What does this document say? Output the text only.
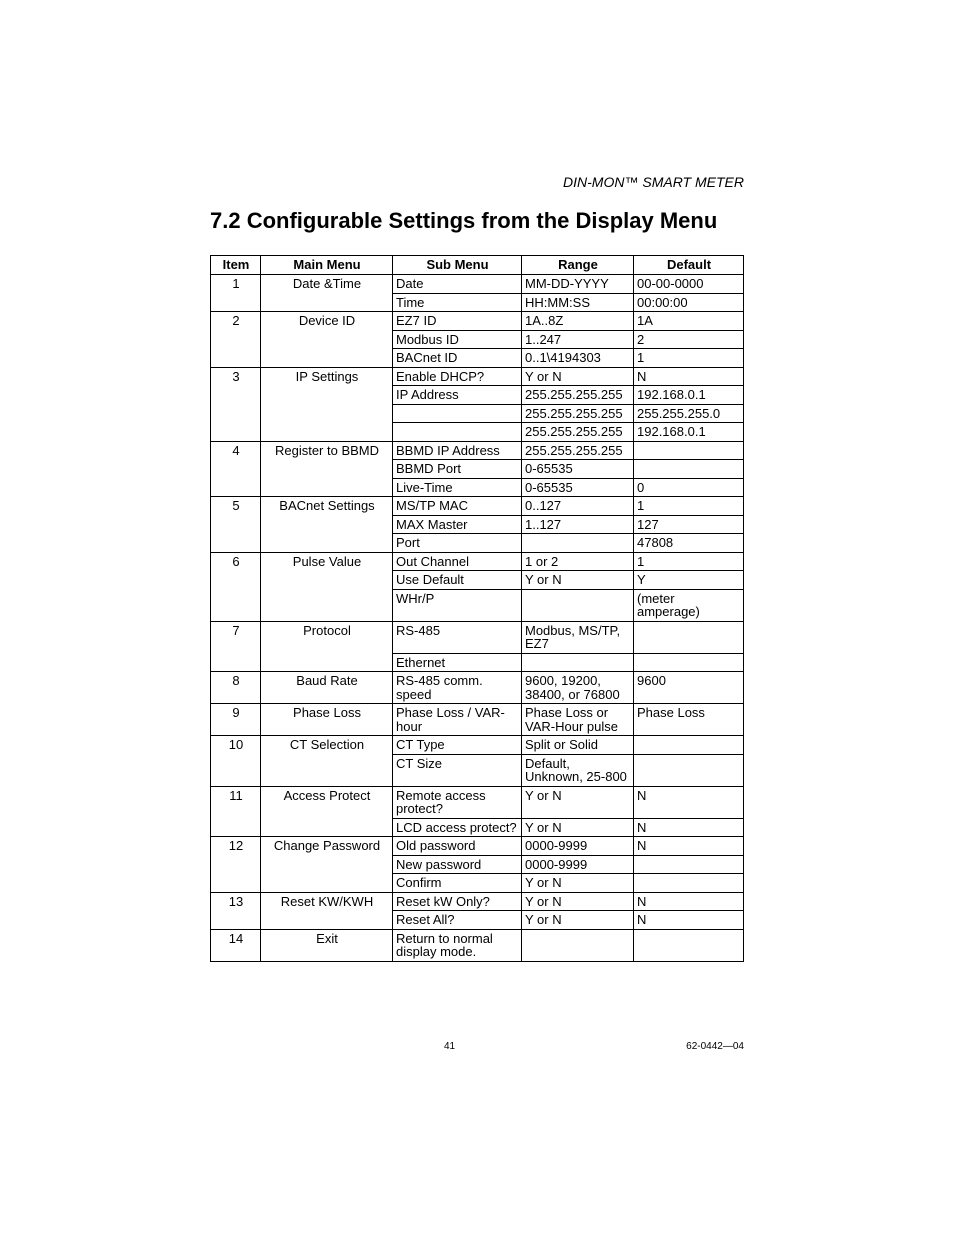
DIN-MON™ SMART METER
7.2 Configurable Settings from the Display Menu
Item	Main Menu	Sub Menu	Range	Default
1	Date &Time	Date	MM-DD-YYYY	00-00-0000
		Time	HH:MM:SS	00:00:00
2	Device ID	EZ7 ID	1A..8Z	1A
		Modbus ID	1..247	2
		BACnet ID	0..1\4194303	1
3	IP Settings	Enable DHCP?	Y or N	N
		IP Address	255.255.255.255	192.168.0.1
			255.255.255.255	255.255.255.0
			255.255.255.255	192.168.0.1
4	Register to BBMD	BBMD IP Address	255.255.255.255	
		BBMD Port	0-65535	
		Live-Time	0-65535	0
5	BACnet Settings	MS/TP MAC	0..127	1
		MAX Master	1..127	127
		Port		47808
6	Pulse Value	Out Channel	1 or 2	1
		Use Default	Y or N	Y
		WHr/P		(meter amperage)
7	Protocol	RS-485	Modbus, MS/TP, EZ7	
		Ethernet		
8	Baud Rate	RS-485 comm. speed	9600, 19200, 38400, or 76800	9600
9	Phase Loss	Phase Loss / VAR-hour	Phase Loss or VAR-Hour pulse	Phase Loss
10	CT Selection	CT Type	Split or Solid	
		CT Size	Default, Unknown, 25-800	
11	Access Protect	Remote access protect?	Y or N	N
		LCD access protect?	Y or N	N
12	Change Password	Old password	0000-9999	N
		New password	0000-9999	
		Confirm	Y or N	
13	Reset KW/KWH	Reset kW Only?	Y or N	N
		Reset All?	Y or N	N
14	Exit	Return to normal display mode.		
41	62-0442—04
